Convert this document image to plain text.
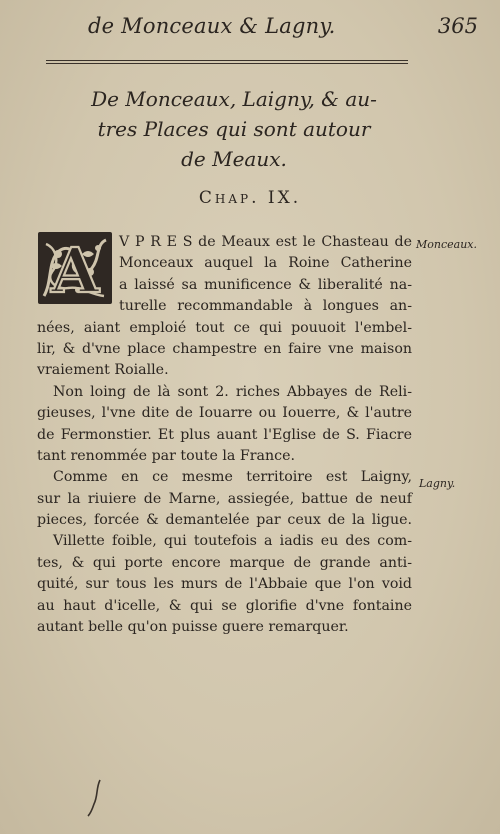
de Monceaux & Lagny.	365
De Monceaux, Laigny, & au-
tres Places qui sont autour
de Meaux.
Chap. IX.
A	V P R E S de Meaux est le Chasteau de
Monceaux auquel la Roine Catherine
a laissé sa munificence & liberalité na-
turelle recommandable à longues an-
nées, aiant emploié tout ce qui pouuoit l'embel-
lir, & d'vne place champestre en faire vne maison
vraiement Roialle.
Non loing de là sont 2. riches Abbayes de Reli-
gieuses, l'vne dite de Iouarre ou Iouerre, & l'autre
de Fermonstier. Et plus auant l'Eglise de S. Fiacre
tant renommée par toute la France.
Comme en ce mesme territoire est Laigny,
sur la riuiere de Marne, assiegée, battue de neuf
pieces, forcée & demantelée par ceux de la ligue.
Villette foible, qui toutefois a iadis eu des com-
tes, & qui porte encore marque de grande anti-
quité, sur tous les murs de l'Abbaie que l'on void
au haut d'icelle, & qui se glorifie d'vne fontaine
autant belle qu'on puisse guere remarquer.
Monceaux.
Lagny.
